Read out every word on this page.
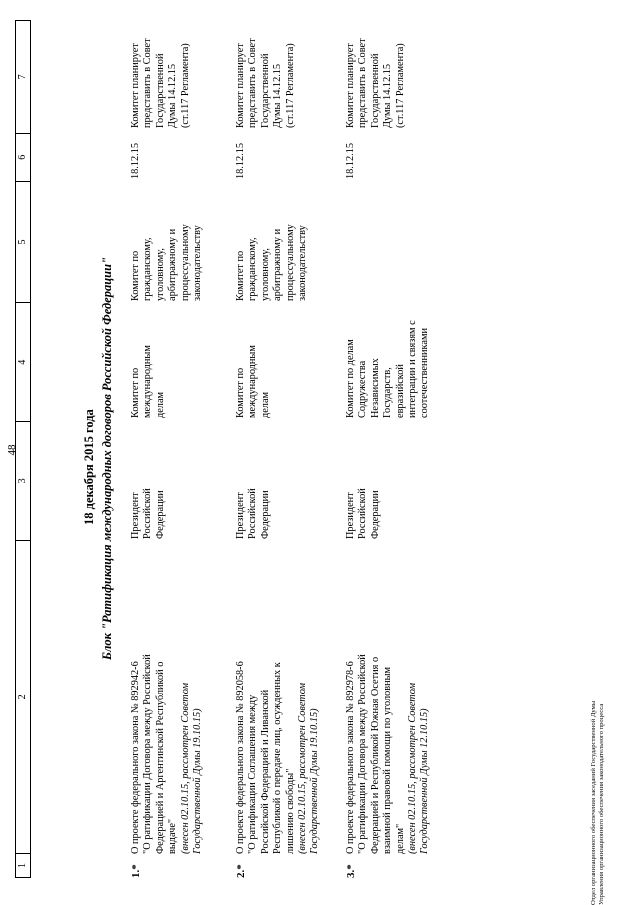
48
1
2
3
4
5
6
7
18 декабря 2015 года Блок "Ратификация международных договоров Российской Федерации"
1.*
О проекте федерального закона № 892942-6 "О ратификации Договора между Российской Федерацией и Аргентинской Республикой о выдаче" (внесен 02.10.15, рассмотрен Советом Государственной Думы 19.10.15)
Президент Российской Федерации
Комитет по международным делам
Комитет по гражданскому, уголовному, арбитражному и процессуальному законодательству
18.12.15
Комитет планирует представить в Совет Государственной Думы 14.12.15 (ст.117 Регламента)
2.*
О проекте федерального закона № 892058-6 "О ратификации Соглашения между Российской Федерацией и Ливанской Республикой о передаче лиц, осужденных к лишению свободы" (внесен 02.10.15, рассмотрен Советом Государственной Думы 19.10.15)
Президент Российской Федерации
Комитет по международным делам
Комитет по гражданскому, уголовному, арбитражному и процессуальному законодательству
18.12.15
Комитет планирует представить в Совет Государственной Думы 14.12.15 (ст.117 Регламента)
3.*
О проекте федерального закона № 892978-6 "О ратификации Договора между Российской Федерацией и Республикой Южная Осетия о взаимной правовой помощи по уголовным делам" (внесен 02.10.15, рассмотрен Советом Государственной Думы 12.10.15)
Президент Российской Федерации
Комитет по делам Содружества Независимых Государств, евразийской интеграции и связям с соотечественниками
18.12.15
Комитет планирует представить в Совет Государственной Думы 14.12.15 (ст.117 Регламента)
Отдел организационного обеспечения заседаний Государственной Думы Управления организационного обеспечения законодательного процесса
